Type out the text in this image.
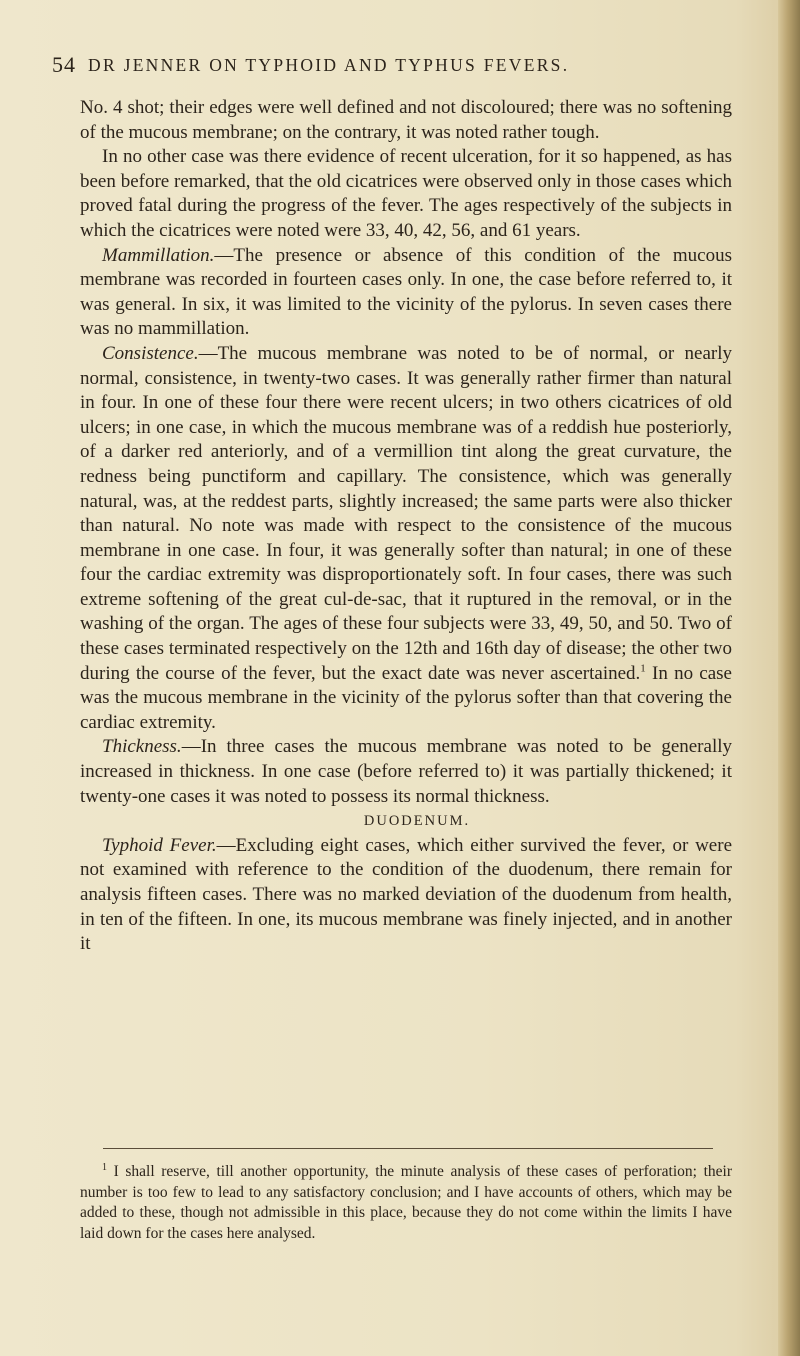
54 DR JENNER ON TYPHOID AND TYPHUS FEVERS.

No. 4 shot; their edges were well defined and not discoloured; there was no softening of the mucous membrane; on the contrary, it was noted rather tough.

In no other case was there evidence of recent ulceration, for it so happened, as has been before remarked, that the old cicatrices were observed only in those cases which proved fatal during the progress of the fever. The ages respectively of the subjects in which the cicatrices were noted were 33, 40, 42, 56, and 61 years.

Mammillation.—The presence or absence of this condition of the mucous membrane was recorded in fourteen cases only. In one, the case before referred to, it was general. In six, it was limited to the vicinity of the pylorus. In seven cases there was no mammillation.

Consistence.—The mucous membrane was noted to be of normal, or nearly normal, consistence, in twenty-two cases. It was generally rather firmer than natural in four. In one of these four there were recent ulcers; in two others cicatrices of old ulcers; in one case, in which the mucous membrane was of a reddish hue posteriorly, of a darker red anteriorly, and of a vermillion tint along the great curvature, the redness being punctiform and capillary. The consistence, which was generally natural, was, at the reddest parts, slightly increased; the same parts were also thicker than natural. No note was made with respect to the consistence of the mucous membrane in one case. In four, it was generally softer than natural; in one of these four the cardiac extremity was disproportionately soft. In four cases, there was such extreme softening of the great cul-de-sac, that it ruptured in the removal, or in the washing of the organ. The ages of these four subjects were 33, 49, 50, and 50. Two of these cases terminated respectively on the 12th and 16th day of disease; the other two during the course of the fever, but the exact date was never ascertained.$^1$ In no case was the mucous membrane in the vicinity of the pylorus softer than that covering the cardiac extremity.

Thickness.—In three cases the mucous membrane was noted to be generally increased in thickness. In one case (before referred to) it was partially thickened; it twenty-one cases it was noted to possess its normal thickness.

DUODENUM.

Typhoid Fever.—Excluding eight cases, which either survived the fever, or were not examined with reference to the condition of the duodenum, there remain for analysis fifteen cases. There was no marked deviation of the duodenum from health, in ten of the fifteen. In one, its mucous membrane was finely injected, and in another it

$^1$ I shall reserve, till another opportunity, the minute analysis of these cases of perforation; their number is too few to lead to any satisfactory conclusion; and I have accounts of others, which may be added to these, though not admissible in this place, because they do not come within the limits I have laid down for the cases here analysed.
